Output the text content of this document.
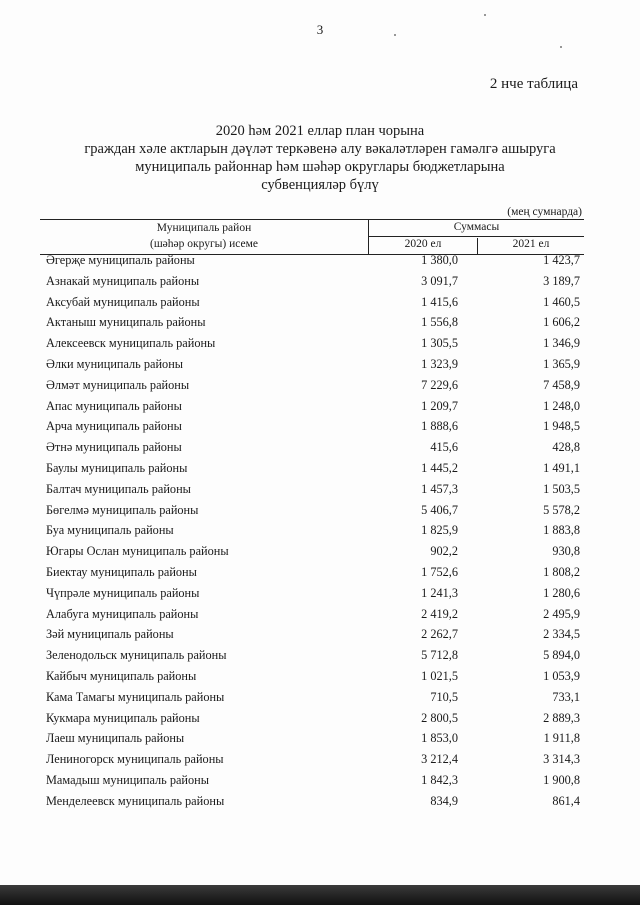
3
2 нче таблица
2020 һәм 2021 еллар план чорына
граждан хәле актларын дәүләт теркәвенә алу вәкаләтләрен гамәлгә ашыруга
муниципаль районнар һәм шәһәр округлары бюджетларына
субвенцияләр бүлү
(мең сумнарда)
Муниципаль район
(шәһәр округы) исеме
Суммасы
2020 ел	2021 ел
Әгерҗе муниципаль районы	1 380,0	1 423,7
Азнакай муниципаль районы	3 091,7	3 189,7
Аксубай муниципаль районы	1 415,6	1 460,5
Актаныш муниципаль районы	1 556,8	1 606,2
Алексеевск муниципаль районы	1 305,5	1 346,9
Әлки муниципаль районы	1 323,9	1 365,9
Әлмәт муниципаль районы	7 229,6	7 458,9
Апас муниципаль районы	1 209,7	1 248,0
Арча муниципаль районы	1 888,6	1 948,5
Әтнә муниципаль районы	415,6	428,8
Баулы муниципаль районы	1 445,2	1 491,1
Балтач муниципаль районы	1 457,3	1 503,5
Бөгелмә муниципаль районы	5 406,7	5 578,2
Буа муниципаль районы	1 825,9	1 883,8
Югары Ослан муниципаль районы	902,2	930,8
Биектау муниципаль районы	1 752,6	1 808,2
Чүпрәле муниципаль районы	1 241,3	1 280,6
Алабуга муниципаль районы	2 419,2	2 495,9
Зәй муниципаль районы	2 262,7	2 334,5
Зеленодольск муниципаль районы	5 712,8	5 894,0
Кайбыч муниципаль районы	1 021,5	1 053,9
Кама Тамагы муниципаль районы	710,5	733,1
Кукмара муниципаль районы	2 800,5	2 889,3
Лаеш муниципаль районы	1 853,0	1 911,8
Лениногорск муниципаль районы	3 212,4	3 314,3
Мамадыш муниципаль районы	1 842,3	1 900,8
Менделеевск муниципаль районы	834,9	861,4
